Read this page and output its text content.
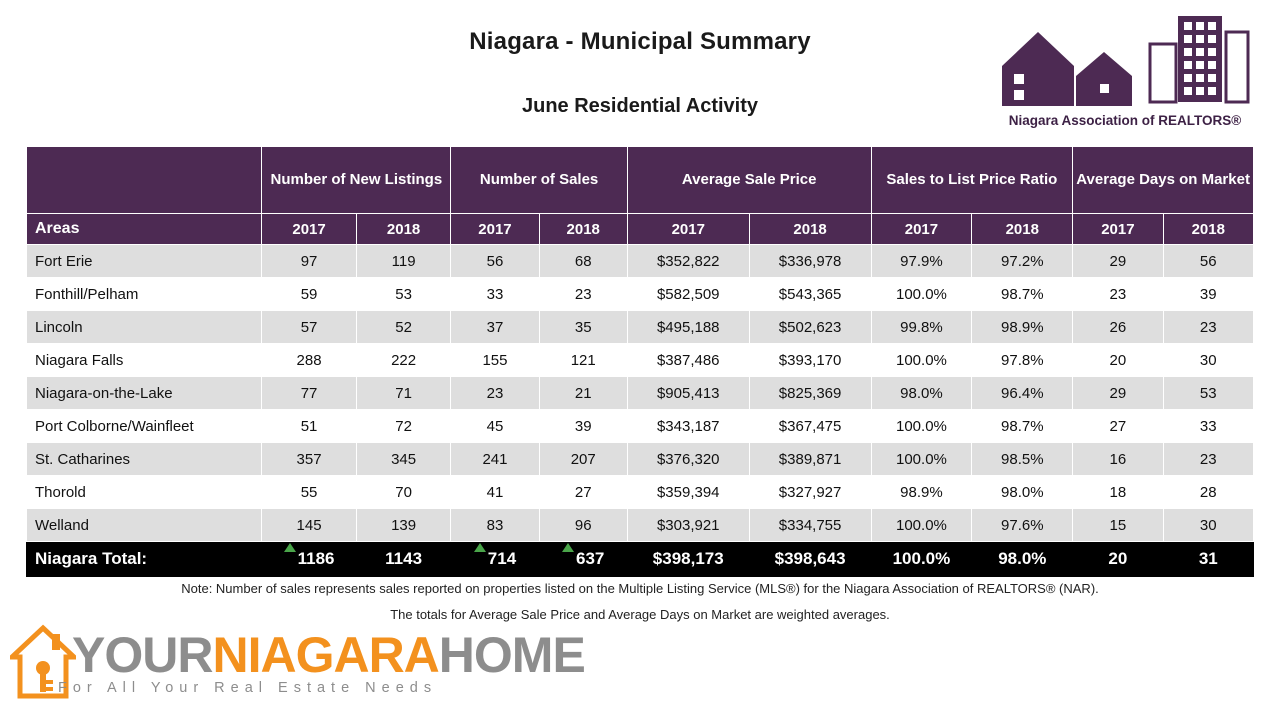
Niagara - Municipal Summary
June Residential Activity
Niagara Association of REALTORS®
	Number of New Listings		Number of Sales		Average Sale Price		Sales to List Price Ratio		Average Days on Market	
Areas	2017	2018	2017	2018	2017	2018	2017	2018	2017	2018
Fort Erie	97	119	56	68	$352,822	$336,978	97.9%	97.2%	29	56
Fonthill/Pelham	59	53	33	23	$582,509	$543,365	100.0%	98.7%	23	39
Lincoln	57	52	37	35	$495,188	$502,623	99.8%	98.9%	26	23
Niagara Falls	288	222	155	121	$387,486	$393,170	100.0%	97.8%	20	30
Niagara-on-the-Lake	77	71	23	21	$905,413	$825,369	98.0%	96.4%	29	53
Port Colborne/Wainfleet	51	72	45	39	$343,187	$367,475	100.0%	98.7%	27	33
St. Catharines	357	345	241	207	$376,320	$389,871	100.0%	98.5%	16	23
Thorold	55	70	41	27	$359,394	$327,927	98.9%	98.0%	18	28
Welland	145	139	83	96	$303,921	$334,755	100.0%	97.6%	15	30
Niagara Total:	1186	1143	714	637	$398,173	$398,643	100.0%	98.0%	20	31
Note: Number of sales represents sales reported on properties listed on the Multiple Listing Service (MLS®) for the Niagara Association of REALTORS® (NAR).
The totals for Average Sale Price and Average Days on Market are weighted averages.
YOURNIAGARAHOME
For All Your Real Estate Needs
